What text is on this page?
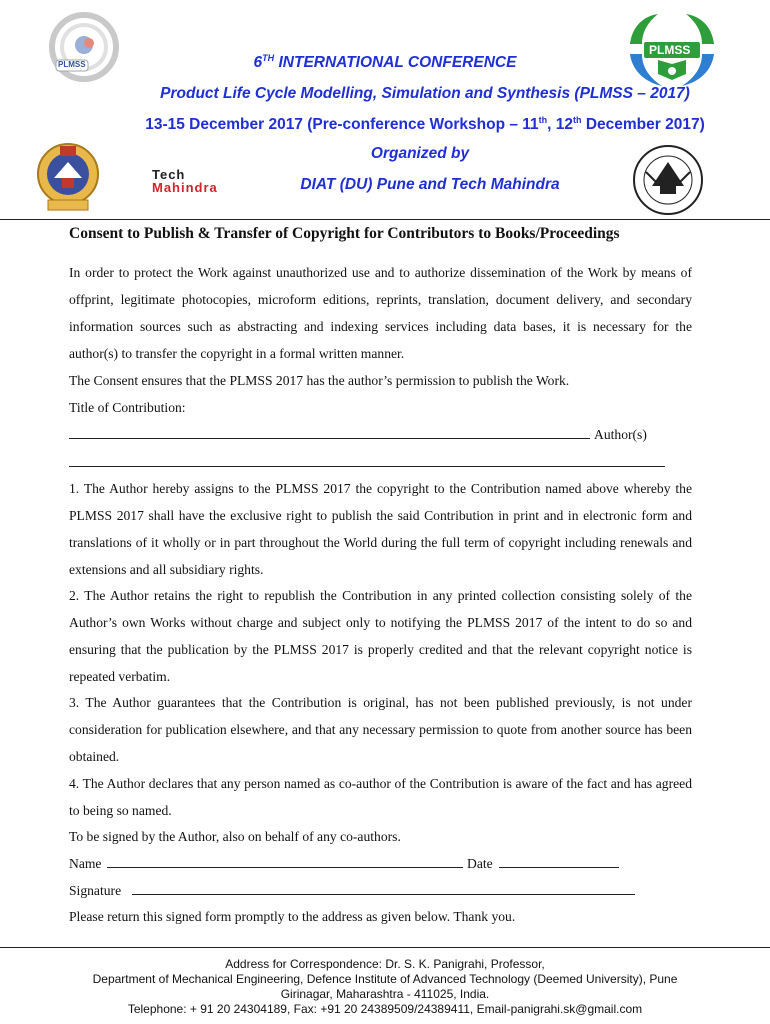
PLMSS
PLMSS
Tech
Mahindra
6TH INTERNATIONAL CONFERENCE
Product Life Cycle Modelling, Simulation and Synthesis (PLMSS – 2017)
13-15 December 2017 (Pre-conference Workshop – 11th, 12th December 2017)
Organized by
DIAT (DU) Pune and Tech Mahindra
Consent to Publish & Transfer of Copyright for Contributors to Books/Proceedings
In order to protect the Work against unauthorized use and to authorize dissemination of the Work by means of offprint, legitimate photocopies, microform editions, reprints, translation, document delivery, and secondary information sources such as abstracting and indexing services including data bases, it is necessary for the author(s) to transfer the copyright in a formal written manner.
The Consent ensures that the PLMSS 2017 has the author’s permission to publish the Work.
Title of Contribution:
Author(s)
1. The Author hereby assigns to the PLMSS 2017 the copyright to the Contribution named above whereby the PLMSS 2017 shall have the exclusive right to publish the said Contribution in print and in electronic form and translations of it wholly or in part throughout the World during the full term of copyright including renewals and extensions and all subsidiary rights.
2. The Author retains the right to republish the Contribution in any printed collection consisting solely of the Author’s own Works without charge and subject only to notifying the PLMSS 2017 of the intent to do so and ensuring that the publication by the PLMSS 2017 is properly credited and that the relevant copyright notice is repeated verbatim.
3. The Author guarantees that the Contribution is original, has not been published previously, is not under consideration for publication elsewhere, and that any necessary permission to quote from another source has been obtained.
4. The Author declares that any person named as co-author of the Contribution is aware of the fact and has agreed to being so named.
To be signed by the Author, also on behalf of any co-authors.
Name	Date
Signature
Please return this signed form promptly to the address as given below. Thank you.
Address for Correspondence: Dr. S. K. Panigrahi, Professor,
Department of Mechanical Engineering, Defence Institute of Advanced Technology (Deemed University), Pune
Girinagar, Maharashtra - 411025, India.
Telephone: + 91 20 24304189, Fax: +91 20 24389509/24389411, Email-panigrahi.sk@gmail.com
